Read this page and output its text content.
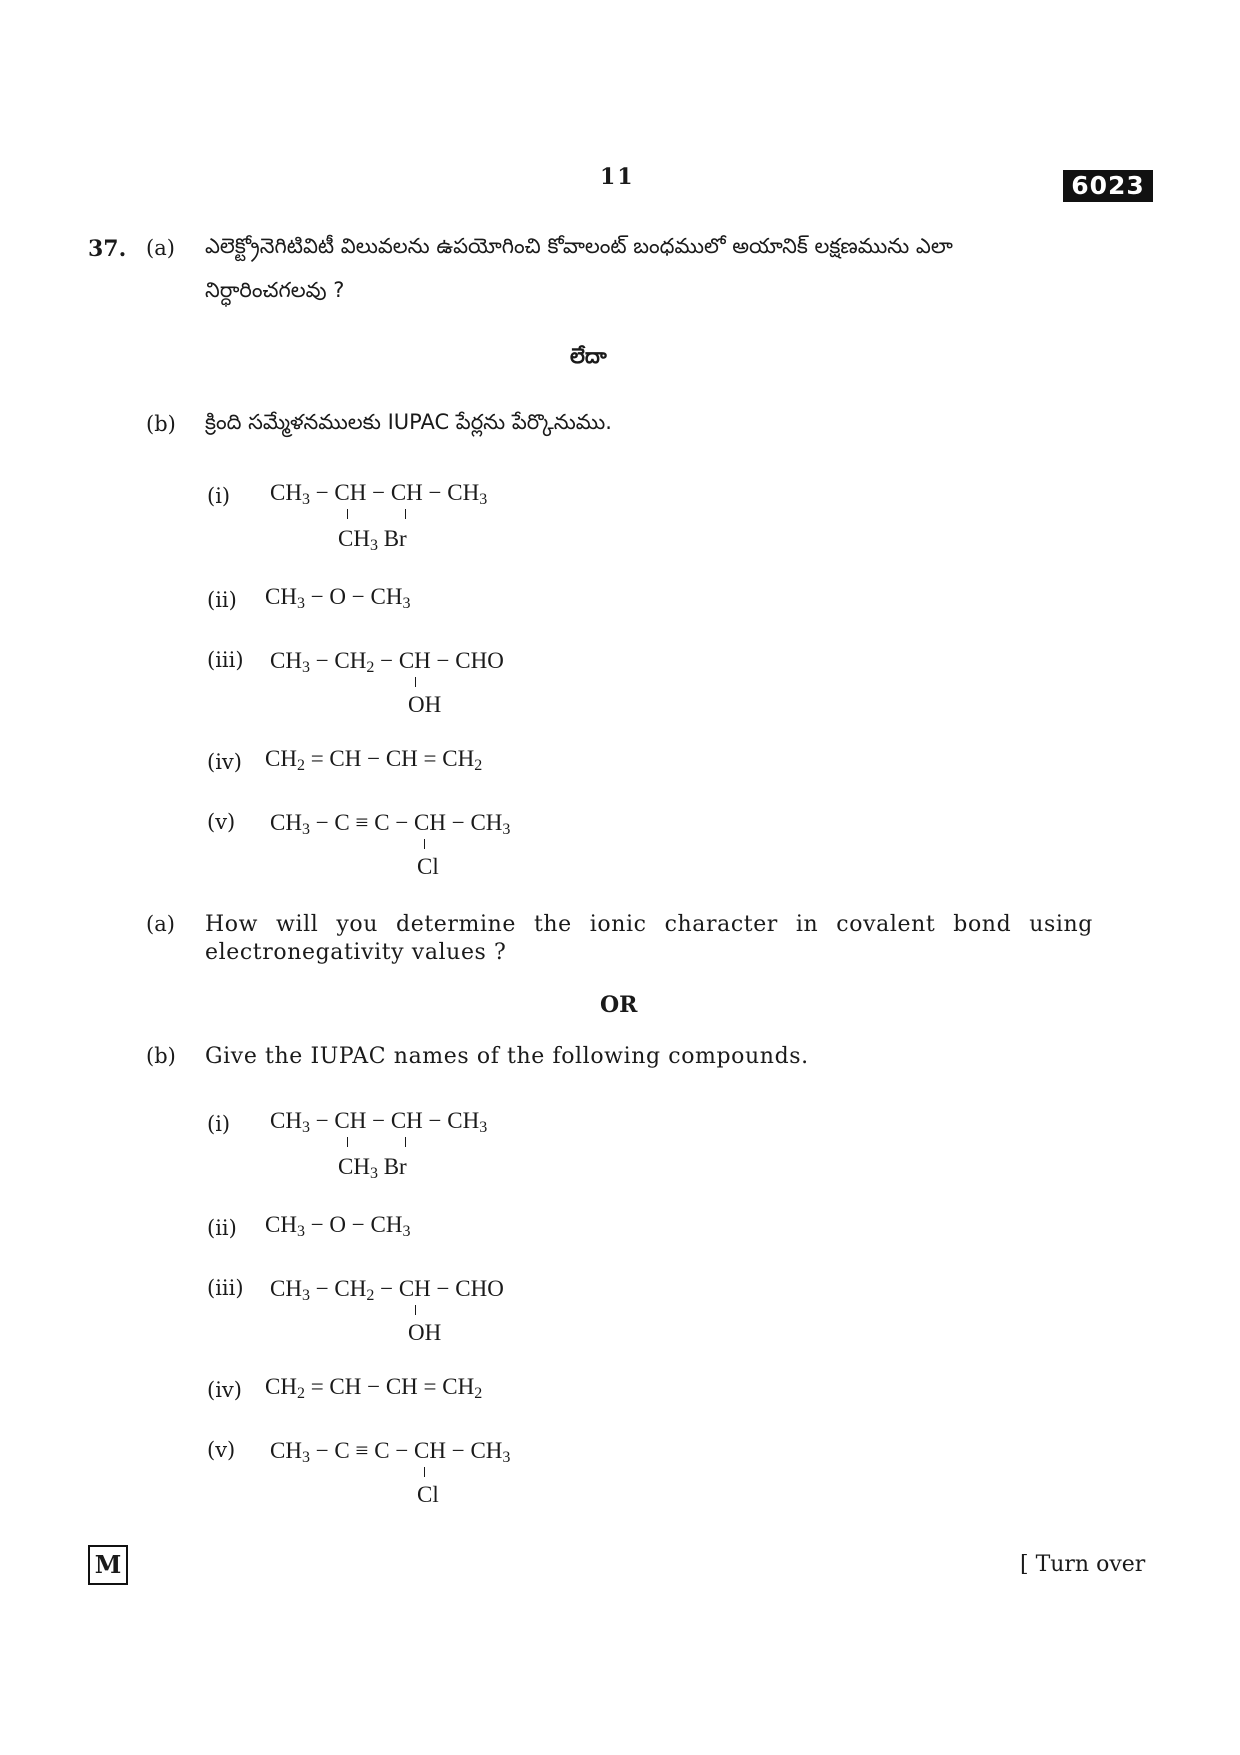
11	6023
37. (a) ఎలెక్ట్రోనెగిటివిటీ విలువలను ఉపయోగించి కోవాలంట్ బంధములో అయానిక్ లక్షణమును ఎలా
నిర్ధారించగలవు ?
లేదా
(b) క్రింది సమ్మేళనములకు IUPAC పేర్లను పేర్కొనుము.
(i) $CH_3$ − CH − CH − $CH_3$
$CH_3$ Br
(ii) $CH_3 - O - CH_3$
(iii) $CH_3 - CH_2$ − CH − CHO
OH
(iv) $CH_2$ = CH − CH = $CH_2$
(v) $CH_3 - C \equiv C$ − CH − $CH_3$
Cl
(a) How will you determine the ionic character in covalent bond using
electronegativity values ?
OR
(b) Give the IUPAC names of the following compounds.
(i) $CH_3$ − CH − CH − $CH_3$
$CH_3$ Br
(ii) $CH_3 - O - CH_3$
(iii) $CH_3 - CH_2$ − CH − CHO
OH
(iv) $CH_2$ = CH − CH = $CH_2$
(v) $CH_3 - C \equiv C$ − CH − $CH_3$
Cl
M	[ Turn over
